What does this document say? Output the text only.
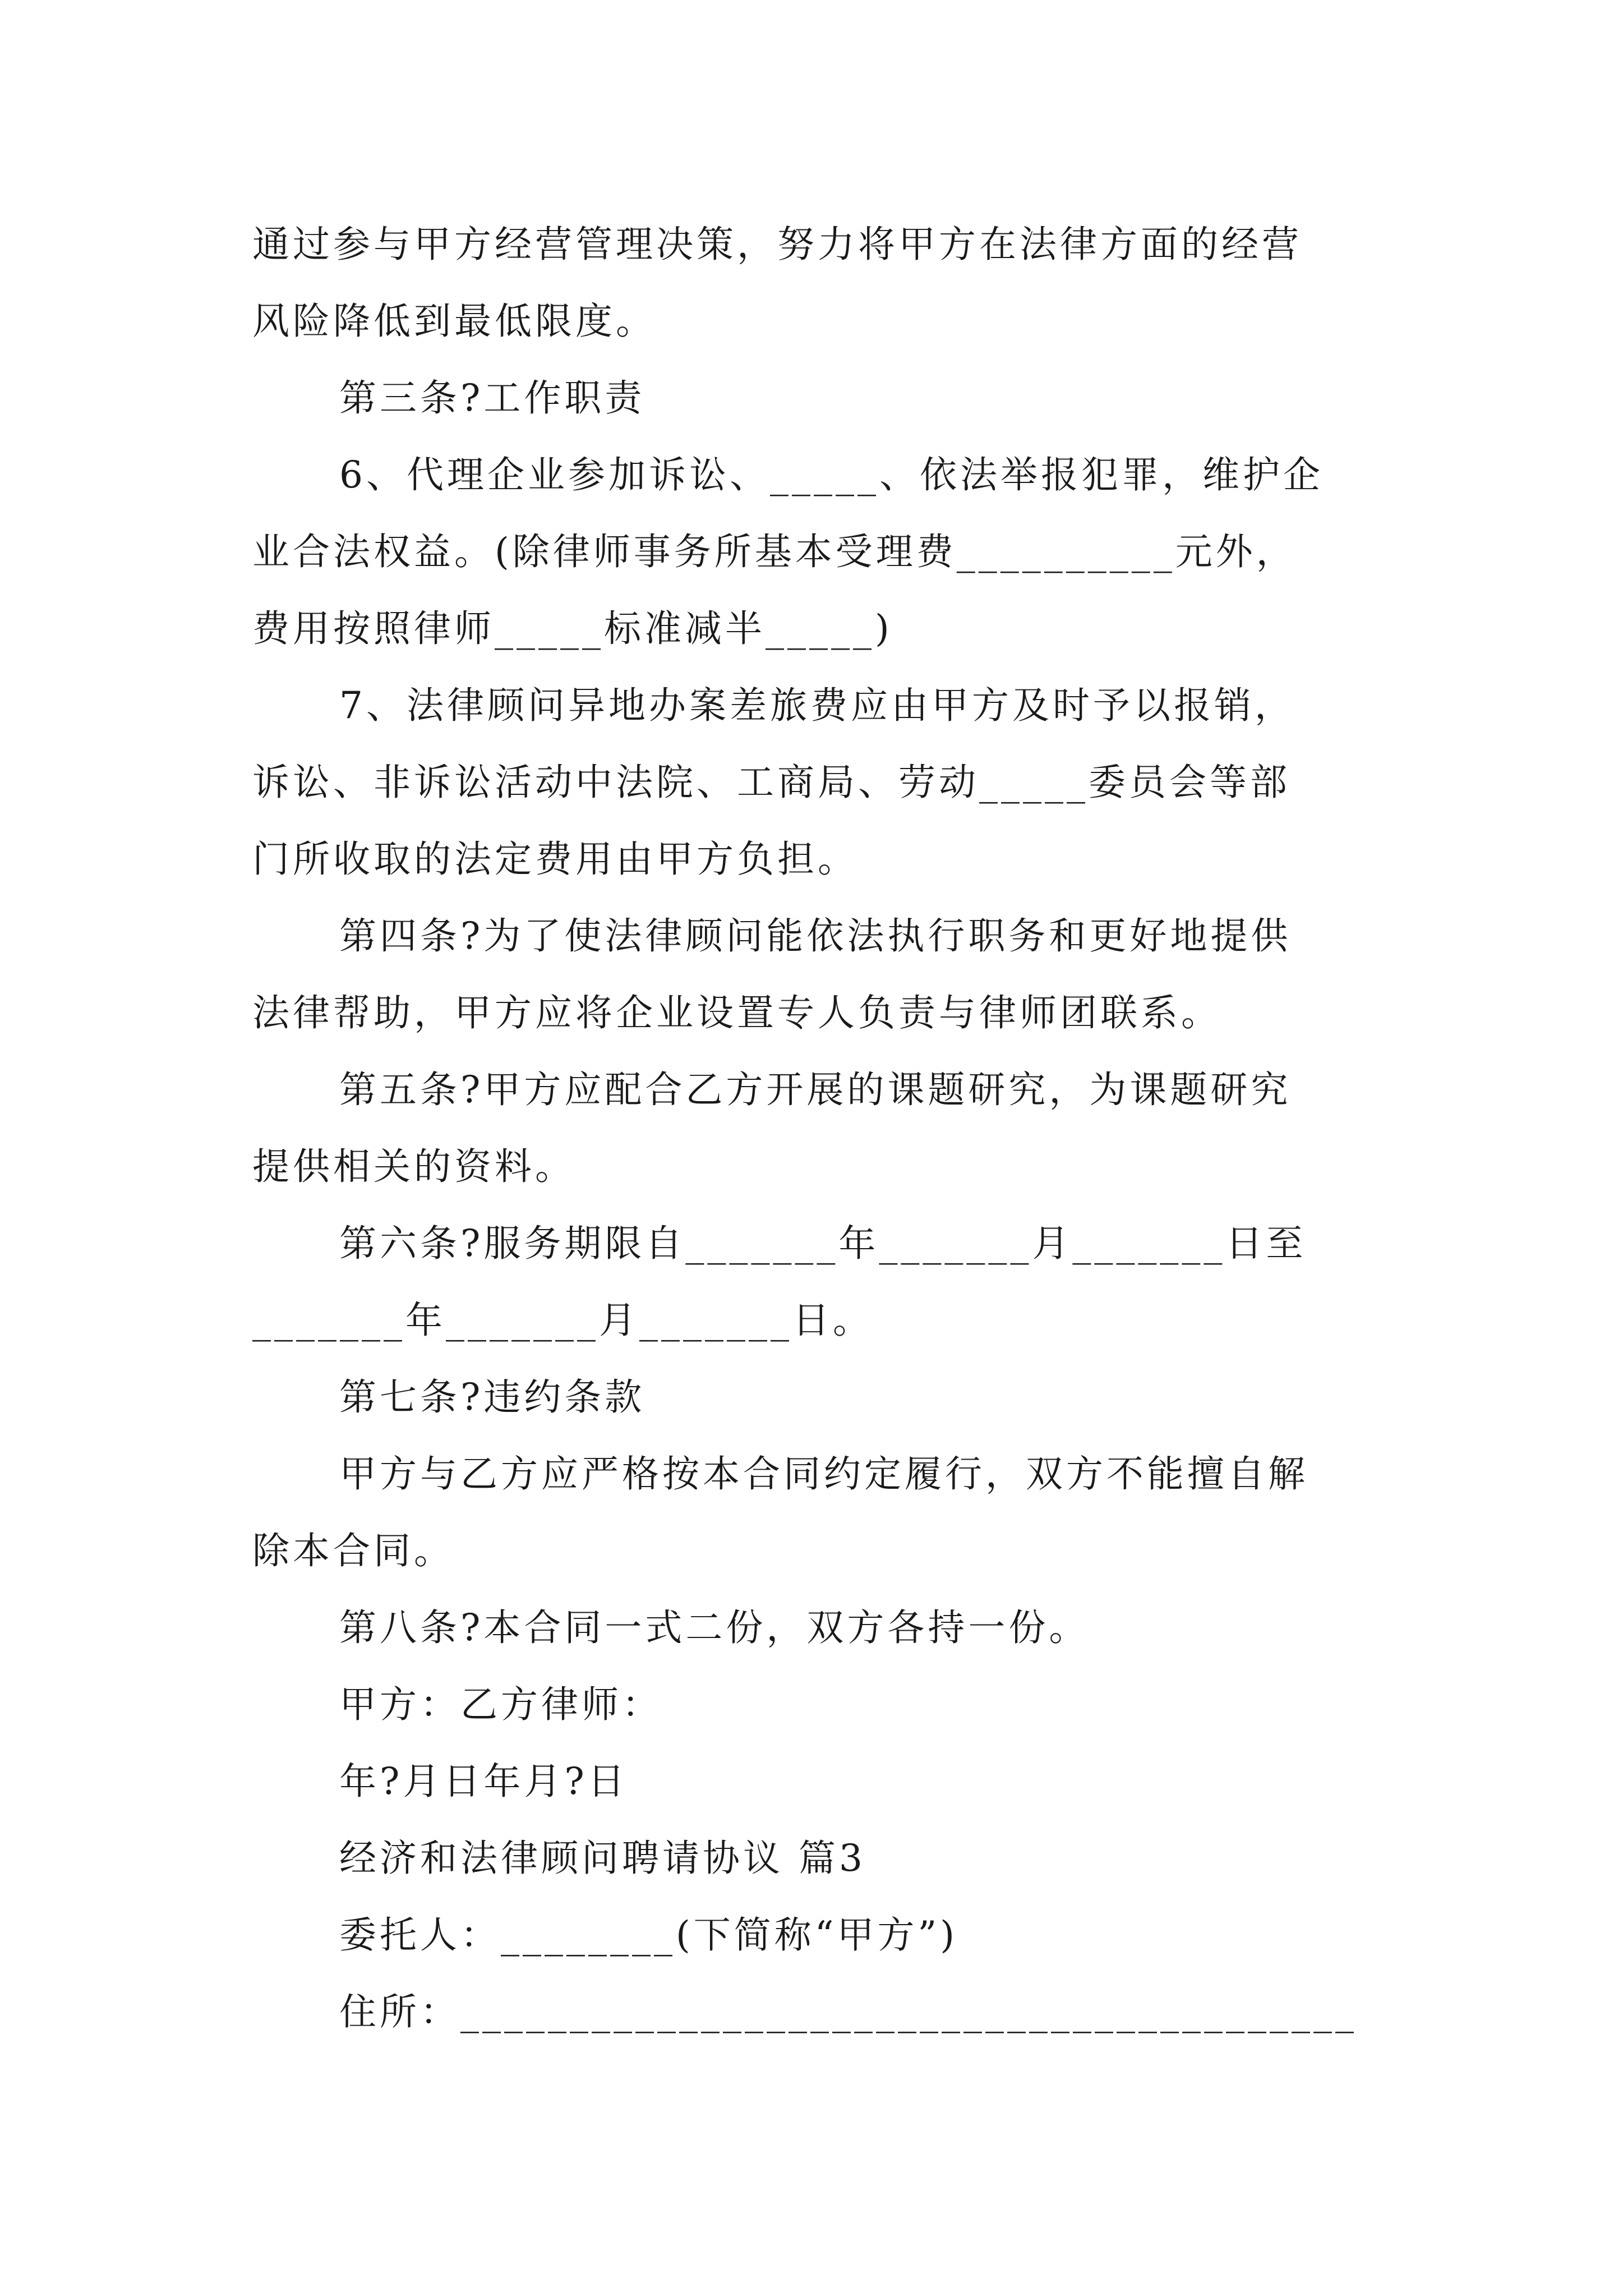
通过参与甲方经营管理决策，努力将甲方在法律方面的经营

风险降低到最低限度。

第三条?工作职责

6、代理企业参加诉讼、_____、依法举报犯罪，维护企

业合法权益。(除律师事务所基本受理费__________元外，

费用按照律师_____标准减半_____)

7、法律顾问异地办案差旅费应由甲方及时予以报销，

诉讼、非诉讼活动中法院、工商局、劳动_____委员会等部

门所收取的法定费用由甲方负担。

第四条?为了使法律顾问能依法执行职务和更好地提供

法律帮助，甲方应将企业设置专人负责与律师团联系。

第五条?甲方应配合乙方开展的课题研究，为课题研究

提供相关的资料。

第六条?服务期限自_______年_______月_______日至

_______年_______月_______日。

第七条?违约条款

甲方与乙方应严格按本合同约定履行，双方不能擅自解

除本合同。

第八条?本合同一式二份，双方各持一份。

甲方：乙方律师：

年?月日年月?日

经济和法律顾问聘请协议 篇3

委托人：________(下简称“甲方”)

住所：_________________________________________
